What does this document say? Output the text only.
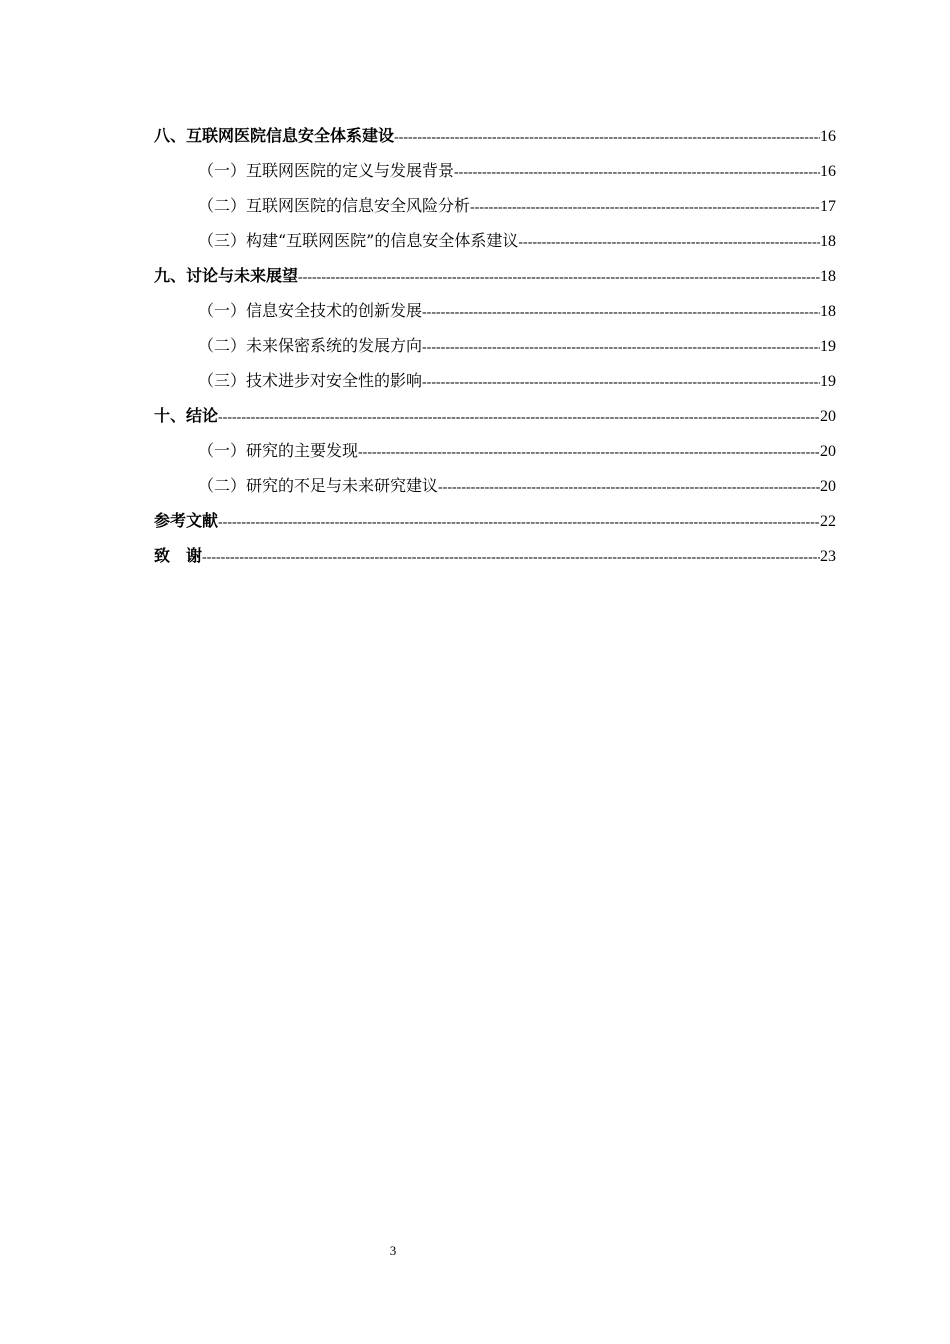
八、互联网医院信息安全体系建设 -----	16
（一）互联网医院的定义与发展背景 -----	16
（二）互联网医院的信息安全风险分析 -----	17
（三）构建“互联网医院”的信息安全体系建议 -----	18
九、讨论与未来展望 -----	18
（一）信息安全技术的创新发展 -----	18
（二）未来保密系统的发展方向 -----	19
（三）技术进步对安全性的影响 -----	19
十、结论 -----	20
（一）研究的主要发现 -----	20
（二）研究的不足与未来研究建议 -----	20
参考文献 -----	22
致　谢 -----	23
3
